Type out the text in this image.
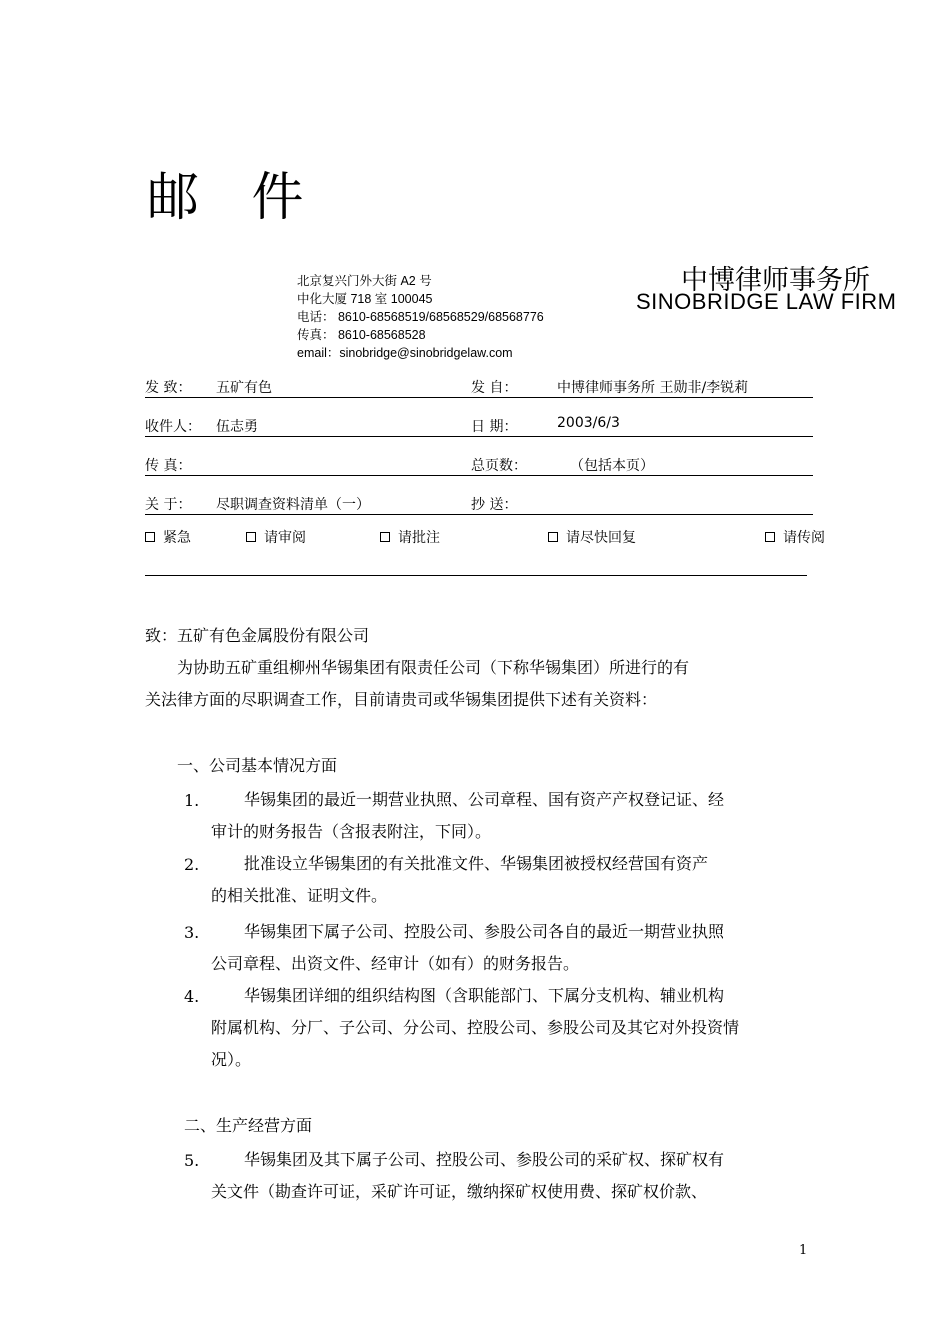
邮 件
北京复兴门外大街 A2 号
中化大厦 718 室 100045
电话： 8610-68568519/68568529/68568776
传真： 8610-68568528
email：sinobridge@sinobridgelaw.com
中博律师事务所
SINOBRIDGE LAW FIRM
发 致： 五矿有色	发 自：	中博律师事务所 王勋非/李锐莉
收件人： 伍志勇	日 期：	2003/6/3
传 真：	总页数：	（包括本页）
关 于： 尽职调查资料清单（一）	抄 送：
紧急	请审阅	请批注	请尽快回复	请传阅
致：五矿有色金属股份有限公司
为协助五矿重组柳州华锡集团有限责任公司（下称华锡集团）所进行的有
关法律方面的尽职调查工作，目前请贵司或华锡集团提供下述有关资料：
一、公司基本情况方面
1.	华锡集团的最近一期营业执照、公司章程、国有资产产权登记证、经
审计的财务报告（含报表附注，下同）。
2.	批准设立华锡集团的有关批准文件、华锡集团被授权经营国有资产
的相关批准、证明文件。
3.	华锡集团下属子公司、控股公司、参股公司各自的最近一期营业执照
公司章程、出资文件、经审计（如有）的财务报告。
4.	华锡集团详细的组织结构图（含职能部门、下属分支机构、辅业机构
附属机构、分厂、子公司、分公司、控股公司、参股公司及其它对外投资情
况）。
二、生产经营方面
5.	华锡集团及其下属子公司、控股公司、参股公司的采矿权、探矿权有
关文件（勘查许可证，采矿许可证，缴纳探矿权使用费、探矿权价款、
1
